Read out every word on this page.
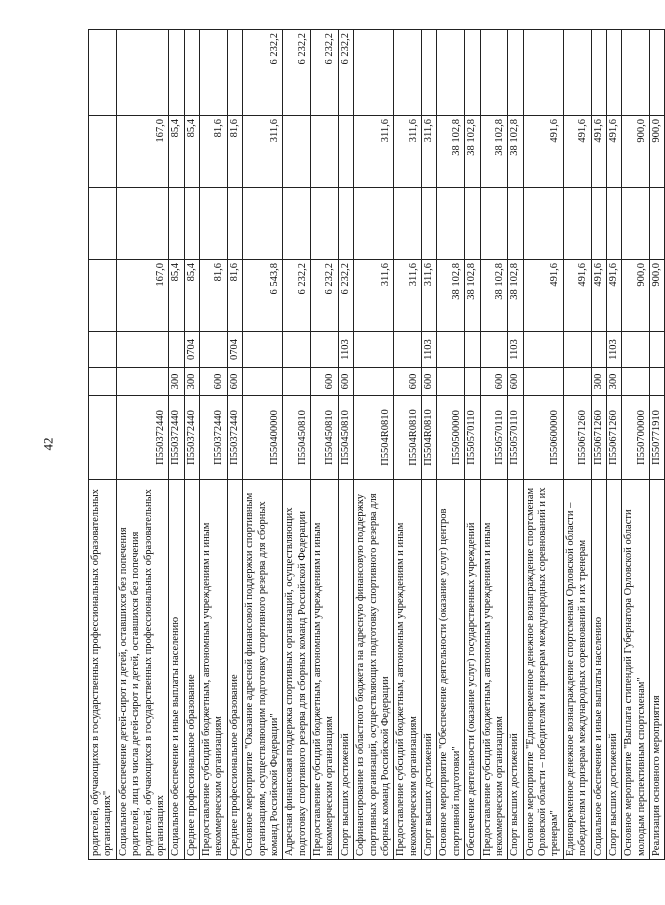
42
родителей, обучающихся в государственных профессиональных образовательных организациях"							
Социальное обеспечение детей-сирот и детей, оставшихся без попечения родителей, лиц из числа детей-сирот и детей, оставшихся без попечения родителей, обучающихся в государственных профессиональных образовательных организациях	П550372440			167,0		167,0	
Социальное обеспечение и иные выплаты населению	П550372440	300		85,4		85,4	
Среднее профессиональное образование	П550372440	300	0704	85,4		85,4	
Предоставление субсидий бюджетным, автономным учреждениям и иным некоммерческим организациям	П550372440	600		81,6		81,6	
Среднее профессиональное образование	П550372440	600	0704	81,6		81,6	
Основное мероприятие "Оказание адресной финансовой поддержки спортивным организациям, осуществляющим подготовку спортивного резерва для сборных команд Российской Федерации"	П550400000			6 543,8		311,6	6 232,2
Адресная финансовая поддержка спортивных организаций, осуществляющих подготовку спортивного резерва для сборных команд Российской Федерации	П550450810			6 232,2			6 232,2
Предоставление субсидий бюджетным, автономным учреждениям и иным некоммерческим организациям	П550450810	600		6 232,2			6 232,2
Спорт высших достижений	П550450810	600	1103	6 232,2			6 232,2
Софинансирование из областного бюджета на адресную финансовую поддержку спортивных организаций, осуществляющих подготовку спортивного резерва для сборных команд Российской Федерации	П5504R0810			311,6		311,6	
Предоставление субсидий бюджетным, автономным учреждениям и иным некоммерческим организациям	П5504R0810	600		311,6		311,6	
Спорт высших достижений	П5504R0810	600	1103	311,6		311,6	
Основное мероприятие "Обеспечение деятельности (оказание услуг) центров спортивной подготовки"	П550500000			38 102,8		38 102,8	
Обеспечение деятельности (оказание услуг) государственных учреждений	П550570110			38 102,8		38 102,8	
Предоставление субсидий бюджетным, автономным учреждениям и иным некоммерческим организациям	П550570110	600		38 102,8		38 102,8	
Спорт высших достижений	П550570110	600	1103	38 102,8		38 102,8	
Основное мероприятие "Единовременное денежное вознаграждение спортсменам Орловской области – победителям и призерам международных соревнований и их тренерам"	П550600000			491,6		491,6	
Единовременное денежное вознаграждение спортсменам Орловской области – победителям и призерам международных соревнований и их тренерам	П550671260			491,6		491,6	
Социальное обеспечение и иные выплаты населению	П550671260	300		491,6		491,6	
Спорт высших достижений	П550671260	300	1103	491,6		491,6	
Основное мероприятие "Выплата стипендий Губернатора Орловской области молодым перспективным спортсменам"	П550700000			900,0		900,0	
Реализация основного мероприятия	П550771910			900,0		900,0	
